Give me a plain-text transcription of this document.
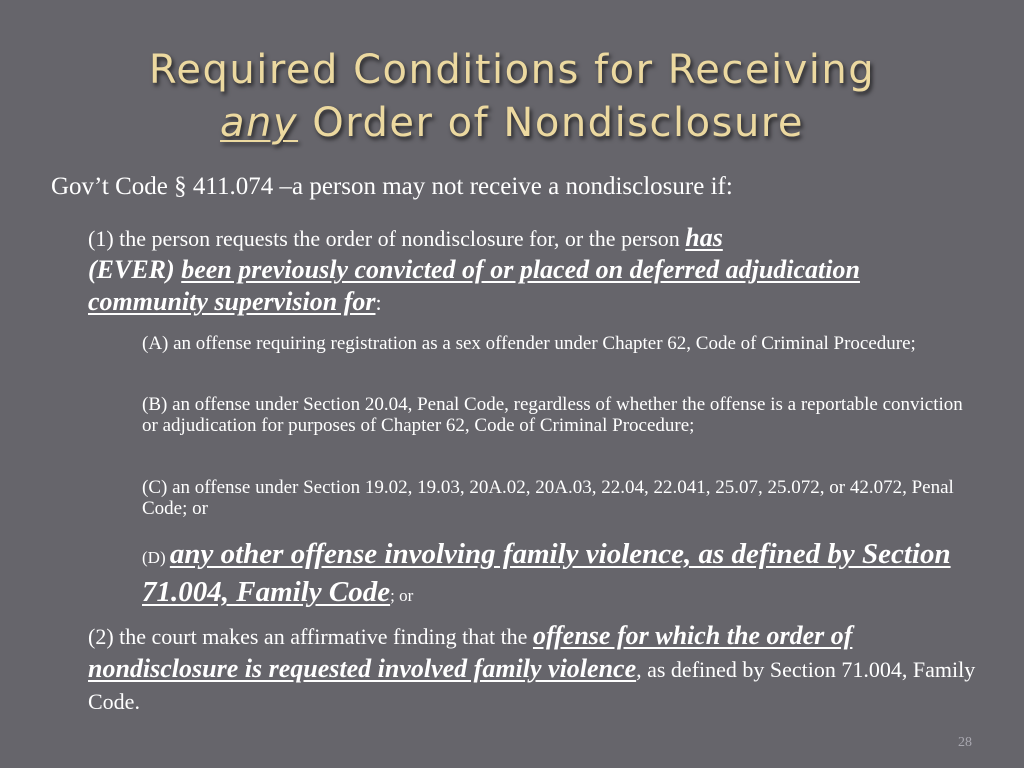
Required Conditions for Receiving
any Order of Nondisclosure
Gov’t Code § 411.074 –a person may not receive a nondisclosure if:
(1) the person requests the order of nondisclosure for, or the person has
(EVER) been previously convicted of or placed on deferred adjudication community supervision for:
(A) an offense requiring registration as a sex offender under Chapter 62, Code of Criminal Procedure;
(B) an offense under Section 20.04, Penal Code, regardless of whether the offense is a reportable conviction or adjudication for purposes of Chapter 62, Code of Criminal Procedure;
(C) an offense under Section 19.02, 19.03, 20A.02, 20A.03, 22.04, 22.041, 25.07, 25.072, or 42.072, Penal Code; or
(D) any other offense involving family violence, as defined by Section 71.004, Family Code; or
(2) the court makes an affirmative finding that the offense for which the order of nondisclosure is requested involved family violence, as defined by Section 71.004, Family Code.
28
